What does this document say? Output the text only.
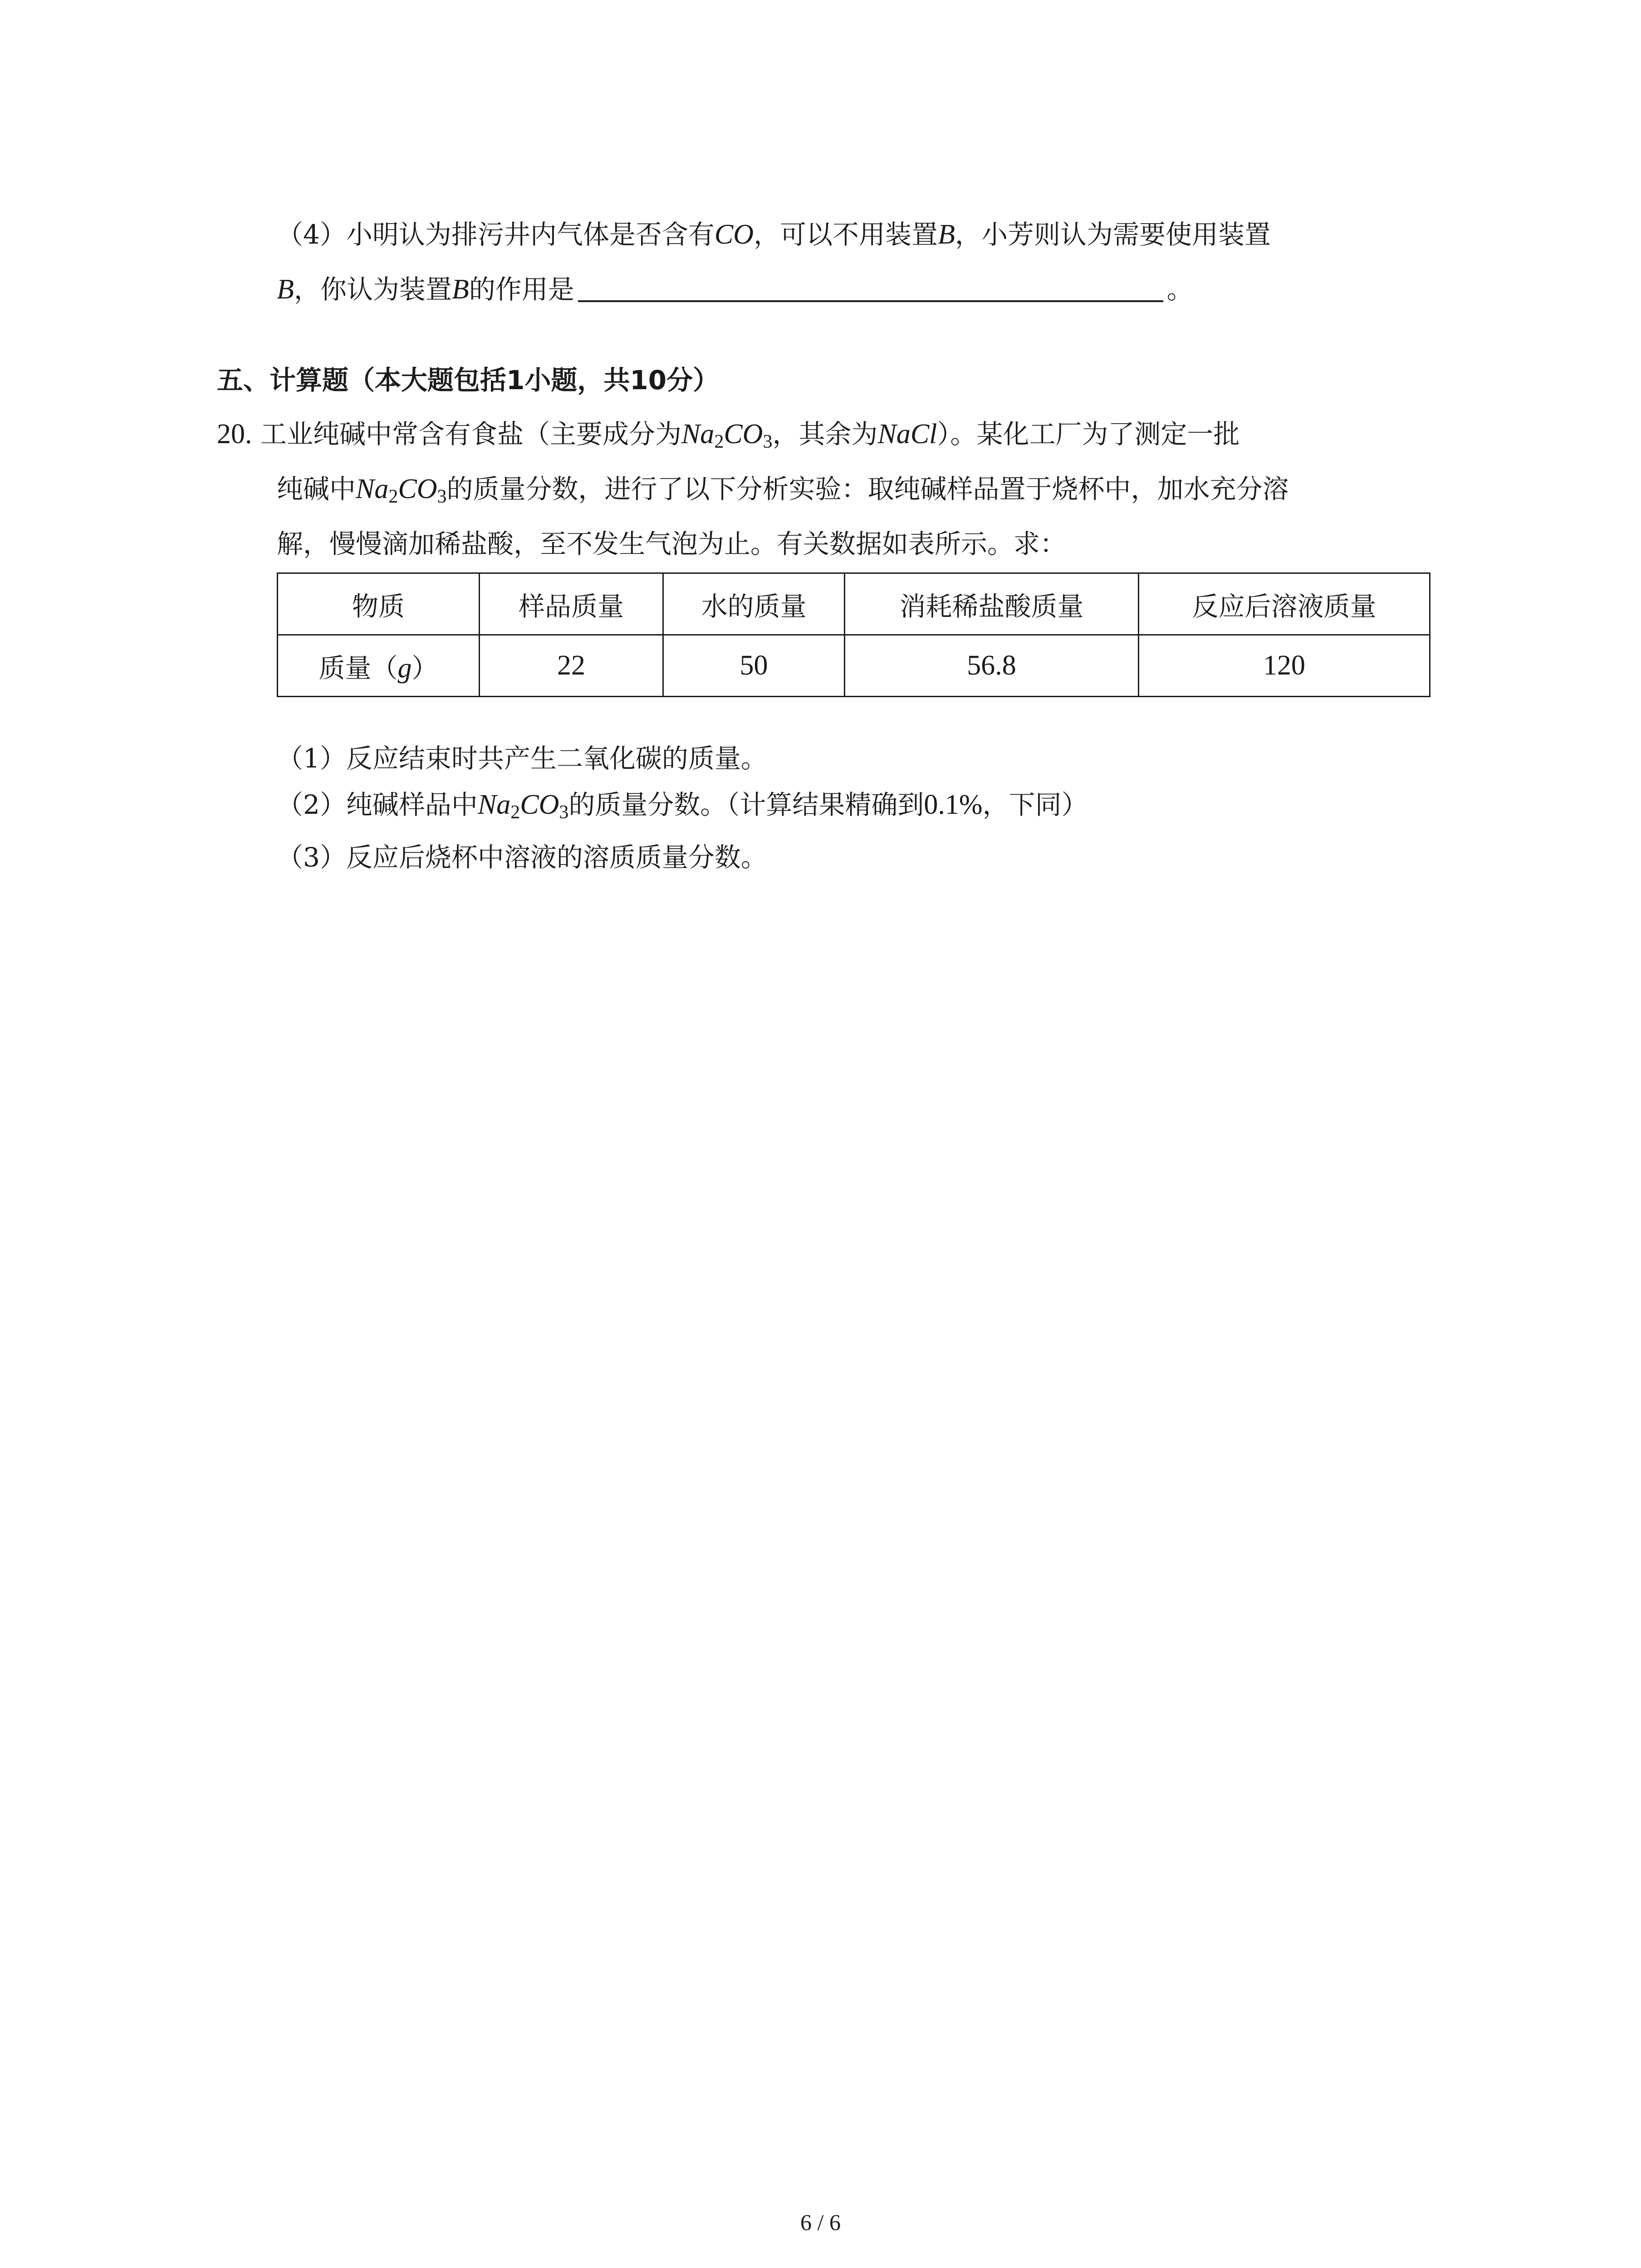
（4）小明认为排污井内气体是否含有CO，可以不用装置B，小芳则认为需要使用装置
B，你认为装置B的作用是	。
五、计算题（本大题包括1小题，共10分）
20. 工业纯碱中常含有食盐（主要成分为$Na_2CO_3$，其余为NaCl）。某化工厂为了测定一批
纯碱中$Na_2CO_3$的质量分数，进行了以下分析实验：取纯碱样品置于烧杯中，加水充分溶
解，慢慢滴加稀盐酸，至不发生气泡为止。有关数据如表所示。求：
物质	样品质量	水的质量	消耗稀盐酸质量	反应后溶液质量
质量（g）	22	50	56.8	120
（1）反应结束时共产生二氧化碳的质量。
（2）纯碱样品中$Na_2CO_3$的质量分数。（计算结果精确到0.1%，下同）
（3）反应后烧杯中溶液的溶质质量分数。
6 / 6
